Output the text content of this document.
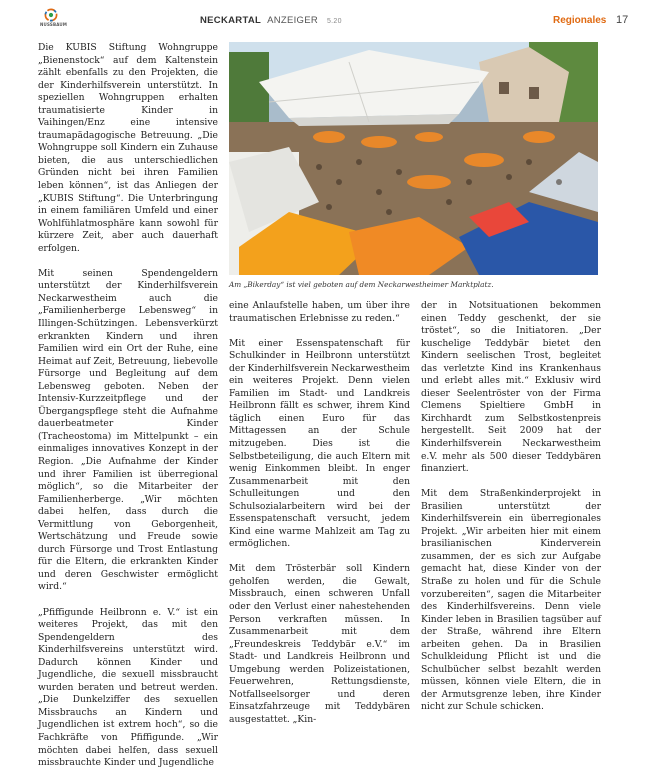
NUSSBAUM	NECKARTAL ANZEIGER 5.20	Regionales 17

Die KUBIS Stiftung Wohngruppe „Bienenstock“ auf dem Kaltenstein zählt ebenfalls zu den Projekten, die der Kinderhilfsverein unterstützt. In speziellen Wohngruppen erhalten traumatisierte Kinder in Vaihingen/Enz eine intensive traumapädagogische Betreuung. „Die Wohngruppe soll Kindern ein Zuhause bieten, die aus unterschiedlichen Gründen nicht bei ihren Familien leben können“, ist das Anliegen der „KUBIS Stiftung“. Die Unterbringung in einem familiären Umfeld und einer Wohlfühlatmosphäre kann sowohl für kürzere Zeit, aber auch dauerhaft erfolgen.

Mit seinen Spendengeldern unterstützt der Kinderhilfsverein Neckarwestheim auch die „Familienherberge Lebensweg“ in Illingen-Schützingen. Lebensverkürzt erkrankten Kindern und ihren Familien wird ein Ort der Ruhe, eine Heimat auf Zeit, Betreuung, liebevolle Fürsorge und Begleitung auf dem Lebensweg geboten. Neben der Intensiv-Kurzzeitpflege und der Übergangspflege steht die Aufnahme dauerbeatmeter Kinder (Tracheostoma) im Mittelpunkt – ein einmaliges innovatives Konzept in der Region. „Die Aufnahme der Kinder und ihrer Familien ist überregional möglich“, so die Mitarbeiter der Familienherberge. „Wir möchten dabei helfen, dass durch die Vermittlung von Geborgenheit, Wertschätzung und Freude sowie durch Fürsorge und Trost Entlastung für die Eltern, die erkrankten Kinder und deren Geschwister ermöglicht wird.“

„Pfiffigunde Heilbronn e. V.“ ist ein weiteres Projekt, das mit den Spendengeldern des Kinderhilfsvereins unterstützt wird. Dadurch können Kinder und Jugendliche, die sexuell missbraucht wurden beraten und betreut werden. „Die Dunkelziffer des sexuellen Missbrauchs an Kindern und Jugendlichen ist extrem hoch“, so die Fachkräfte von Pfiffigunde. „Wir möchten dabei helfen, dass sexuell missbrauchte Kinder und Jugendliche

Am „Bikerday“ ist viel geboten auf dem Neckarwestheimer Marktplatz.

eine Anlaufstelle haben, um über ihre traumatischen Erlebnisse zu reden.“

Mit einer Essenspatenschaft für Schulkinder in Heilbronn unterstützt der Kinderhilfsverein Neckarwestheim ein weiteres Projekt. Denn vielen Familien im Stadt- und Landkreis Heilbronn fällt es schwer, ihrem Kind täglich einen Euro für das Mittagessen an der Schule mitzugeben. Dies ist die Selbstbeteiligung, die auch Eltern mit wenig Einkommen bleibt. In enger Zusammenarbeit mit den Schulleitungen und den Schulsozialarbeitern wird bei der Essenspatenschaft versucht, jedem Kind eine warme Mahlzeit am Tag zu ermöglichen.

Mit dem Trösterbär soll Kindern geholfen werden, die Gewalt, Missbrauch, einen schweren Unfall oder den Verlust einer nahestehenden Person verkraften müssen. In Zusammenarbeit mit dem „Freundeskreis Teddybär e.V.“ im Stadt- und Landkreis Heilbronn und Umgebung werden Polizeistationen, Feuerwehren, Rettungsdienste, Notfallseelsorger und deren Einsatzfahrzeuge mit Teddybären ausgestattet. „Kin-

der in Notsituationen bekommen einen Teddy geschenkt, der sie tröstet“, so die Initiatoren. „Der kuschelige Teddybär bietet den Kindern seelischen Trost, begleitet das verletzte Kind ins Krankenhaus und erlebt alles mit.“ Exklusiv wird dieser Seelentröster von der Firma Clemens Spieltiere GmbH in Kirchhardt zum Selbstkostenpreis hergestellt. Seit 2009 hat der Kinderhilfsverein Neckarwestheim e.V. mehr als 500 dieser Teddybären finanziert.

Mit dem Straßenkinderprojekt in Brasilien unterstützt der Kinderhilfsverein ein überregionales Projekt. „Wir arbeiten hier mit einem brasilianischen Kinderverein zusammen, der es sich zur Aufgabe gemacht hat, diese Kinder von der Straße zu holen und für die Schule vorzubereiten“, sagen die Mitarbeiter des Kinderhilfsvereins. Denn viele Kinder leben in Brasilien tagsüber auf der Straße, während ihre Eltern arbeiten gehen. Da in Brasilien Schulkleidung Pflicht ist und die Schulbücher selbst bezahlt werden müssen, können viele Eltern, die in der Armutsgrenze leben, ihre Kinder nicht zur Schule schicken.
